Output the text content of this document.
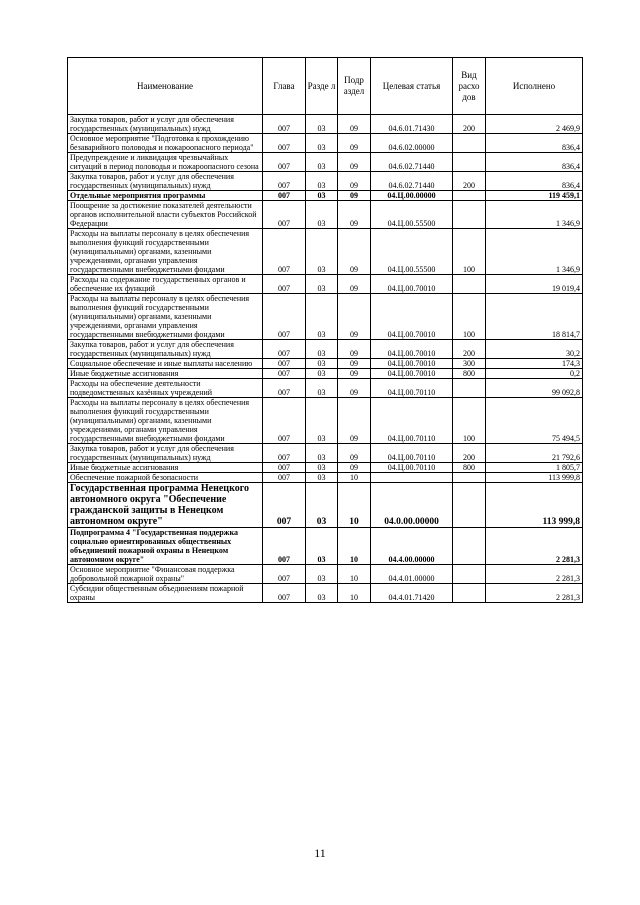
Наименование	Глава	Разде л	Подр аздел	Целевая статья	Вид расхо дов	Исполнено
Закупка товаров, работ и услуг для обеспечения государственных (муниципальных) нужд	007	03	09	04.6.01.71430	200	2 469,9
Основное мероприятие "Подготовка к прохождению безаварийного половодья и пожароопасного периода"	007	03	09	04.6.02.00000		836,4
Предупреждение и ликвидация чрезвычайных ситуаций в период половодья и пожароопасного сезона	007	03	09	04.6.02.71440		836,4
Закупка товаров, работ и услуг для обеспечения государственных (муниципальных) нужд	007	03	09	04.6.02.71440	200	836,4
Отдельные мероприятия программы	007	03	09	04.Ц.00.00000		119 459,1
Поощрение за достижение показателей деятельности органов исполнительной власти субъектов Российской Федерации	007	03	09	04.Ц.00.55500		1 346,9
Расходы на выплаты персоналу в целях обеспечения выполнения функций государственными (муниципальными) органами, казенными учреждениями, органами управления государственными внебюджетными фондами	007	03	09	04.Ц.00.55500	100	1 346,9
Расходы на содержание государственных органов и обеспечение их функций	007	03	09	04.Ц.00.70010		19 019,4
Расходы на выплаты персоналу в целях обеспечения выполнения функций государственными (муниципальными) органами, казенными учреждениями, органами управления государственными внебюджетными фондами	007	03	09	04.Ц.00.70010	100	18 814,7
Закупка товаров, работ и услуг для обеспечения государственных (муниципальных) нужд	007	03	09	04.Ц.00.70010	200	30,2
Социальное обеспечение и иные выплаты населению	007	03	09	04.Ц.00.70010	300	174,3
Иные бюджетные ассигнования	007	03	09	04.Ц.00.70010	800	0,2
Расходы на обеспечение деятельности подведомственных казённых учреждений	007	03	09	04.Ц.00.70110		99 092,8
Расходы на выплаты персоналу в целях обеспечения выполнения функций государственными (муниципальными) органами, казенными учреждениями, органами управления государственными внебюджетными фондами	007	03	09	04.Ц.00.70110	100	75 494,5
Закупка товаров, работ и услуг для обеспечения государственных (муниципальных) нужд	007	03	09	04.Ц.00.70110	200	21 792,6
Иные бюджетные ассигнования	007	03	09	04.Ц.00.70110	800	1 805,7
Обеспечение пожарной безопасности	007	03	10			113 999,8
Государственная программа Ненецкого автономного округа "Обеспечение гражданской защиты в Ненецком автономном округе"	007	03	10	04.0.00.00000		113 999,8
Подпрограмма 4 "Государственная поддержка социально ориентированных общественных объединений пожарной охраны в Ненецком автономном округе"	007	03	10	04.4.00.00000		2 281,3
Основное мероприятие "Финансовая поддержка добровольной пожарной охраны"	007	03	10	04.4.01.00000		2 281,3
Субсидии общественным объединениям пожарной охраны	007	03	10	04.4.01.71420		2 281,3
11
